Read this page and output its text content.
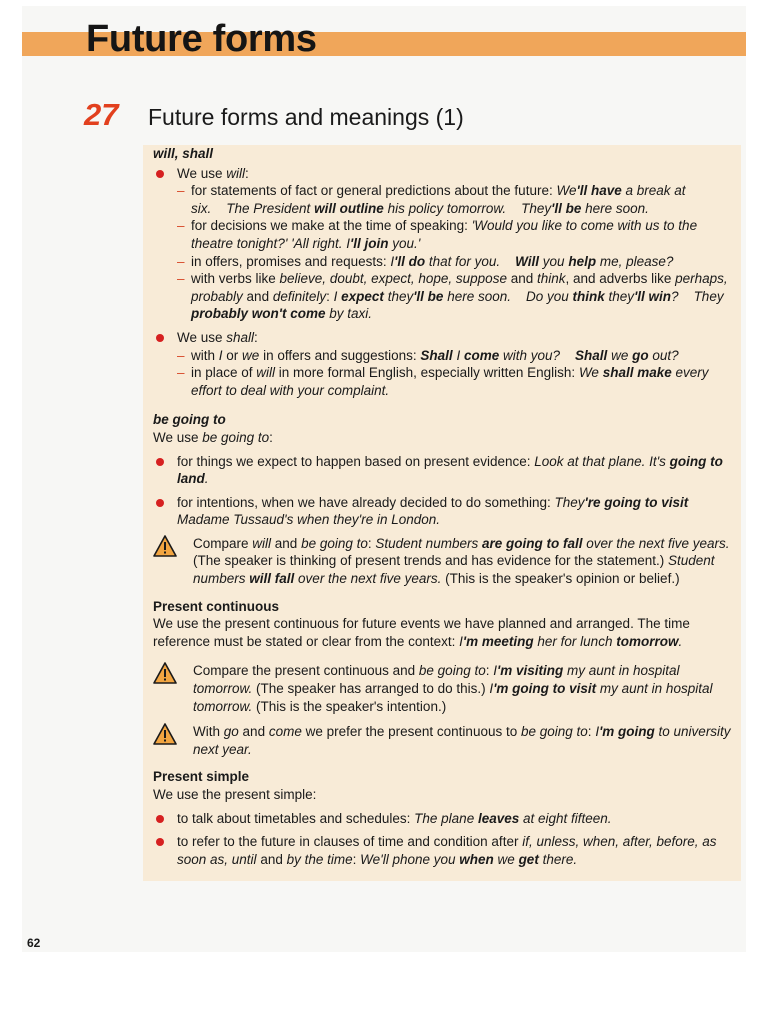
Future forms
27 Future forms and meanings (1)
will, shall
We use will:
– for statements of fact or general predictions about the future: We'll have a break at six. The President will outline his policy tomorrow. They'll be here soon.
– for decisions we make at the time of speaking: 'Would you like to come with us to the theatre tonight?' 'All right. I'll join you.'
– in offers, promises and requests: I'll do that for you. Will you help me, please?
– with verbs like believe, doubt, expect, hope, suppose and think, and adverbs like perhaps, probably and definitely: I expect they'll be here soon. Do you think they'll win? They probably won't come by taxi.
We use shall:
– with I or we in offers and suggestions: Shall I come with you? Shall we go out?
– in place of will in more formal English, especially written English: We shall make every effort to deal with your complaint.
be going to

We use be going to:

for things we expect to happen based on present evidence: Look at that plane. It's going to land.
for intentions, when we have already decided to do something: They're going to visit Madame Tussaud's when they're in London.
Compare will and be going to: Student numbers are going to fall over the next five years. (The speaker is thinking of present trends and has evidence for the statement.) Student numbers will fall over the next five years. (This is the speaker's opinion or belief.)
Present continuous

We use the present continuous for future events we have planned and arranged. The time reference must be stated or clear from the context: I'm meeting her for lunch tomorrow.

Compare the present continuous and be going to: I'm visiting my aunt in hospital tomorrow. (The speaker has arranged to do this.) I'm going to visit my aunt in hospital tomorrow. (This is the speaker's intention.)
With go and come we prefer the present continuous to be going to: I'm going to university next year.
Present simple

We use the present simple:

to talk about timetables and schedules: The plane leaves at eight fifteen.
to refer to the future in clauses of time and condition after if, unless, when, after, before, as soon as, until and by the time: We'll phone you when we get there.
62
